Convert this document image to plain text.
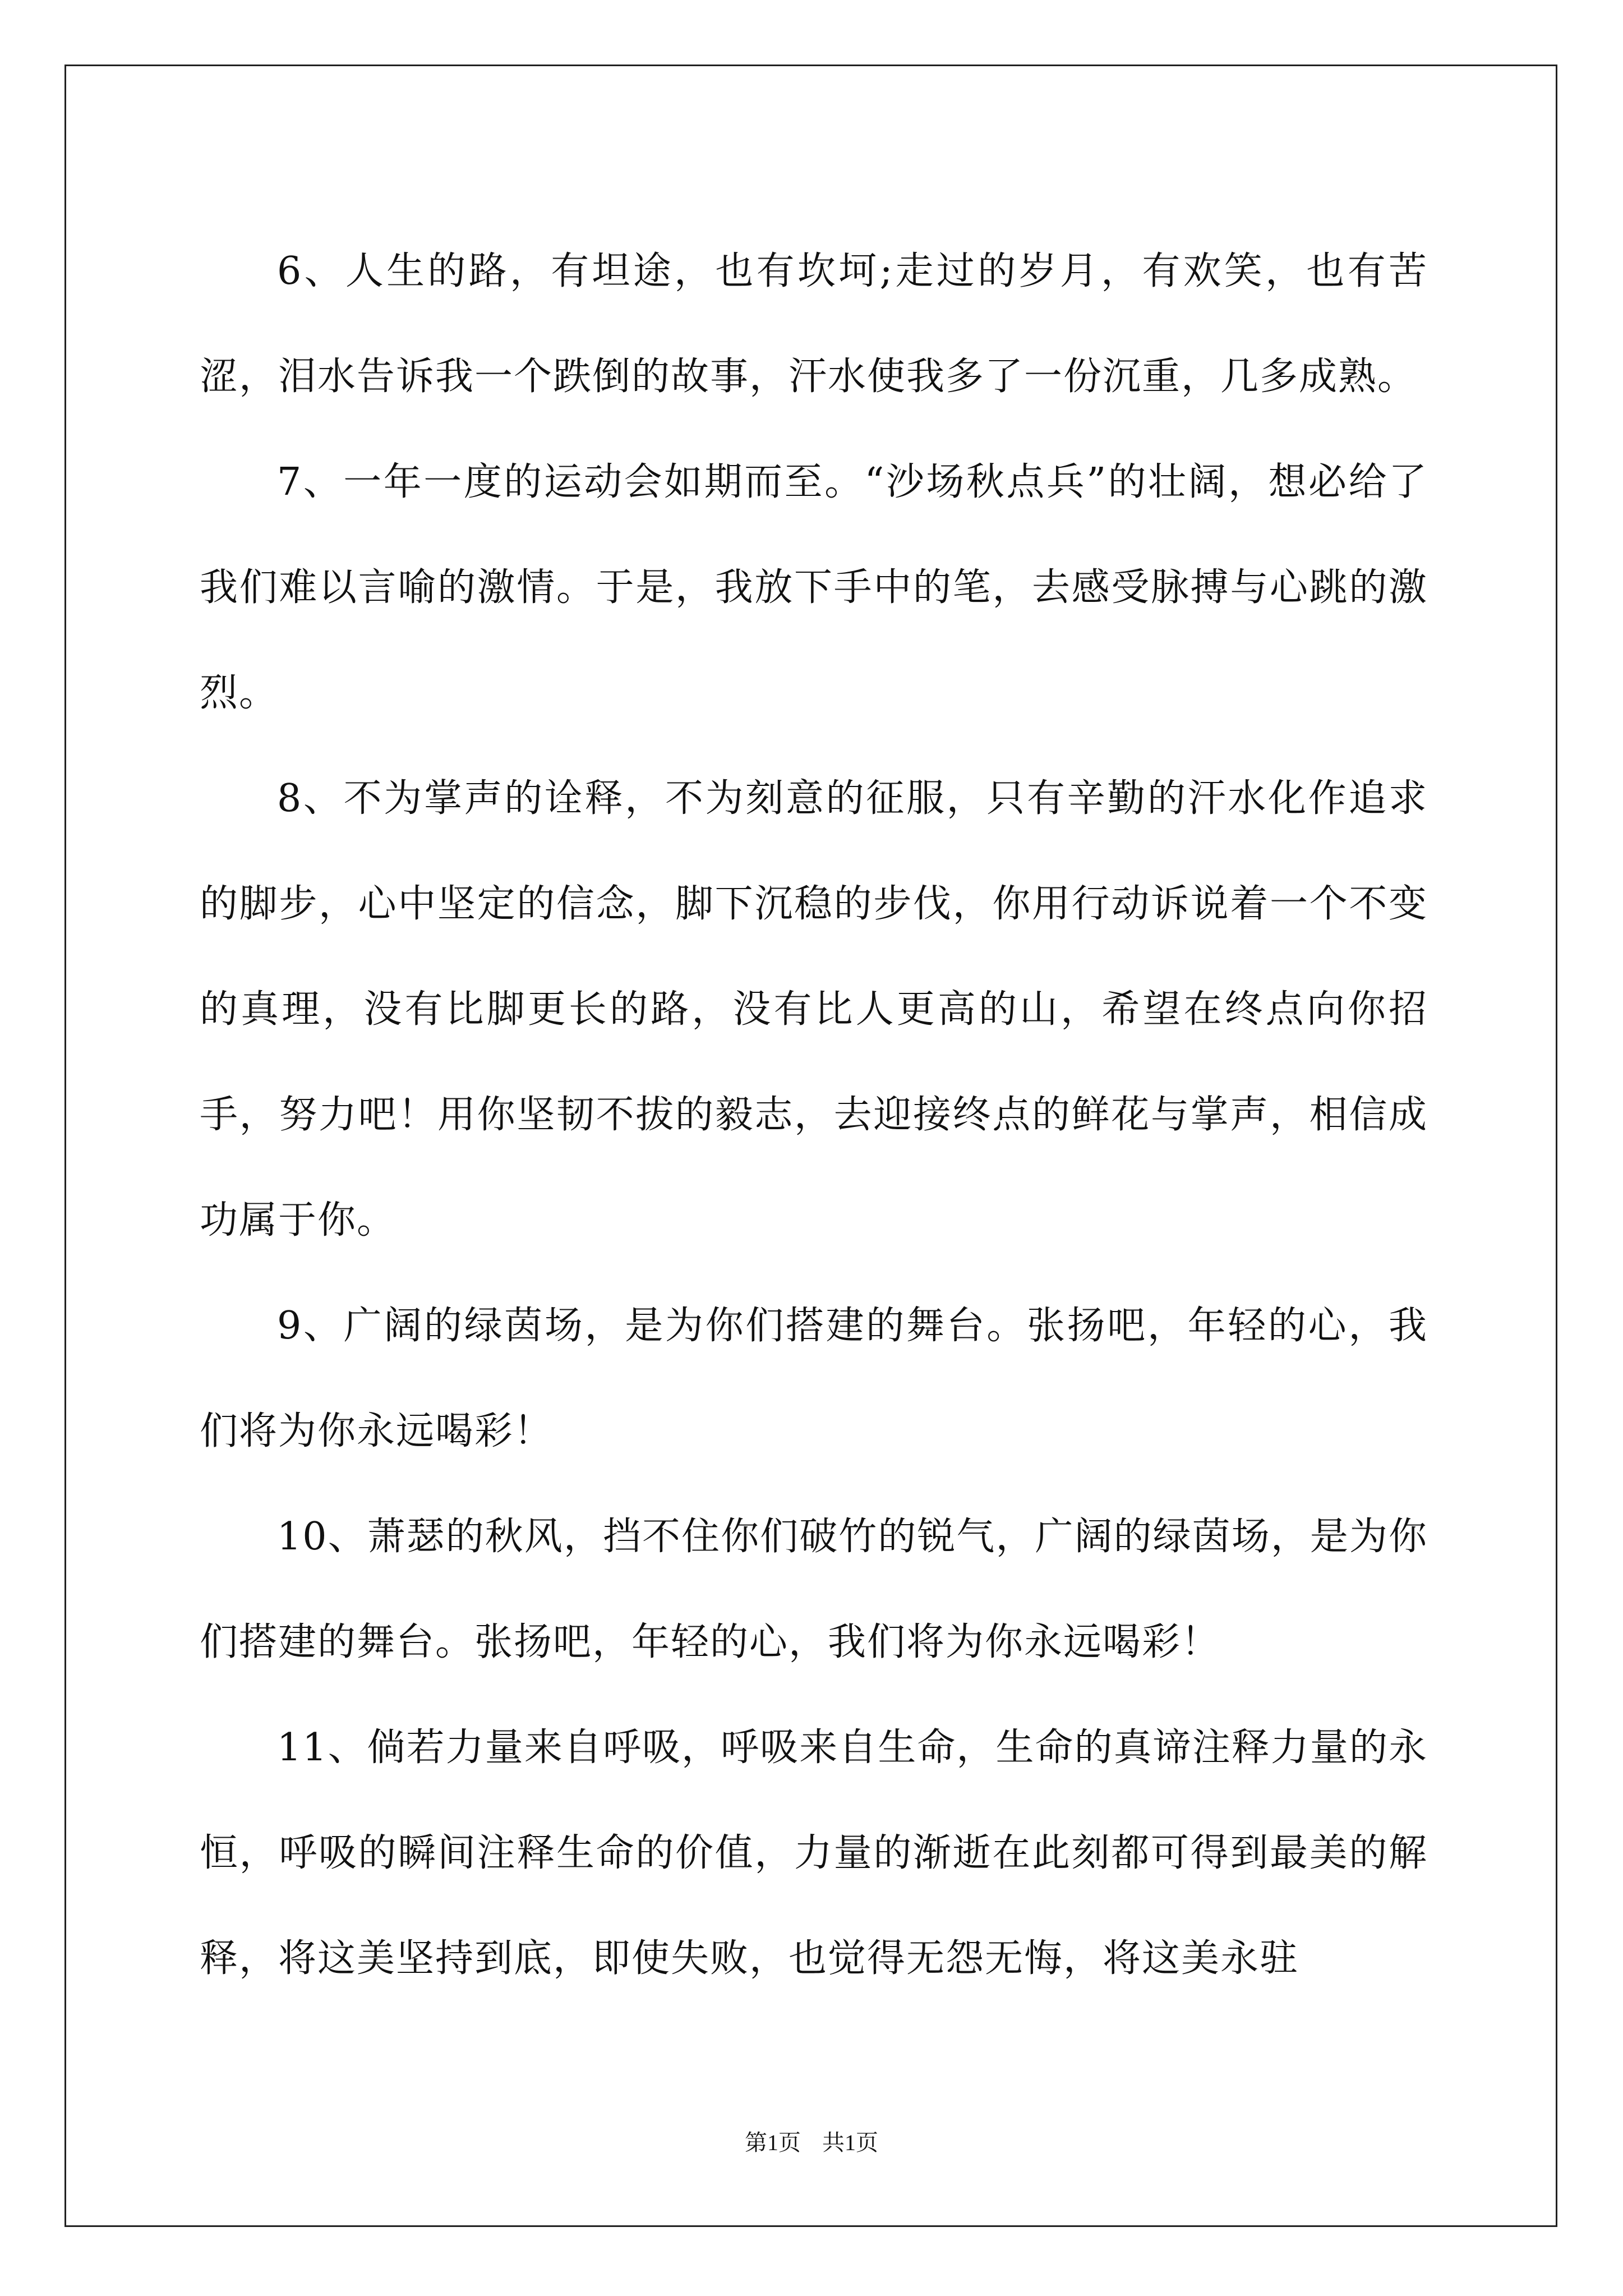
6、人生的路，有坦途，也有坎坷;走过的岁月，有欢笑，也有苦涩，泪水告诉我一个跌倒的故事，汗水使我多了一份沉重，几多成熟。

7、一年一度的运动会如期而至。“沙场秋点兵”的壮阔，想必给了我们难以言喻的激情。于是，我放下手中的笔，去感受脉搏与心跳的激烈。

8、不为掌声的诠释，不为刻意的征服，只有辛勤的汗水化作追求的脚步，心中坚定的信念，脚下沉稳的步伐，你用行动诉说着一个不变的真理，没有比脚更长的路，没有比人更高的山，希望在终点向你招手，努力吧！用你坚韧不拔的毅志，去迎接终点的鲜花与掌声，相信成功属于你。

9、广阔的绿茵场，是为你们搭建的舞台。张扬吧，年轻的心，我们将为你永远喝彩！

10、萧瑟的秋风，挡不住你们破竹的锐气，广阔的绿茵场，是为你们搭建的舞台。张扬吧，年轻的心，我们将为你永远喝彩！

11、倘若力量来自呼吸，呼吸来自生命，生命的真谛注释力量的永恒，呼吸的瞬间注释生命的价值，力量的渐逝在此刻都可得到最美的解释，将这美坚持到底，即使失败，也觉得无怨无悔，将这美永驻

第1页 共1页
